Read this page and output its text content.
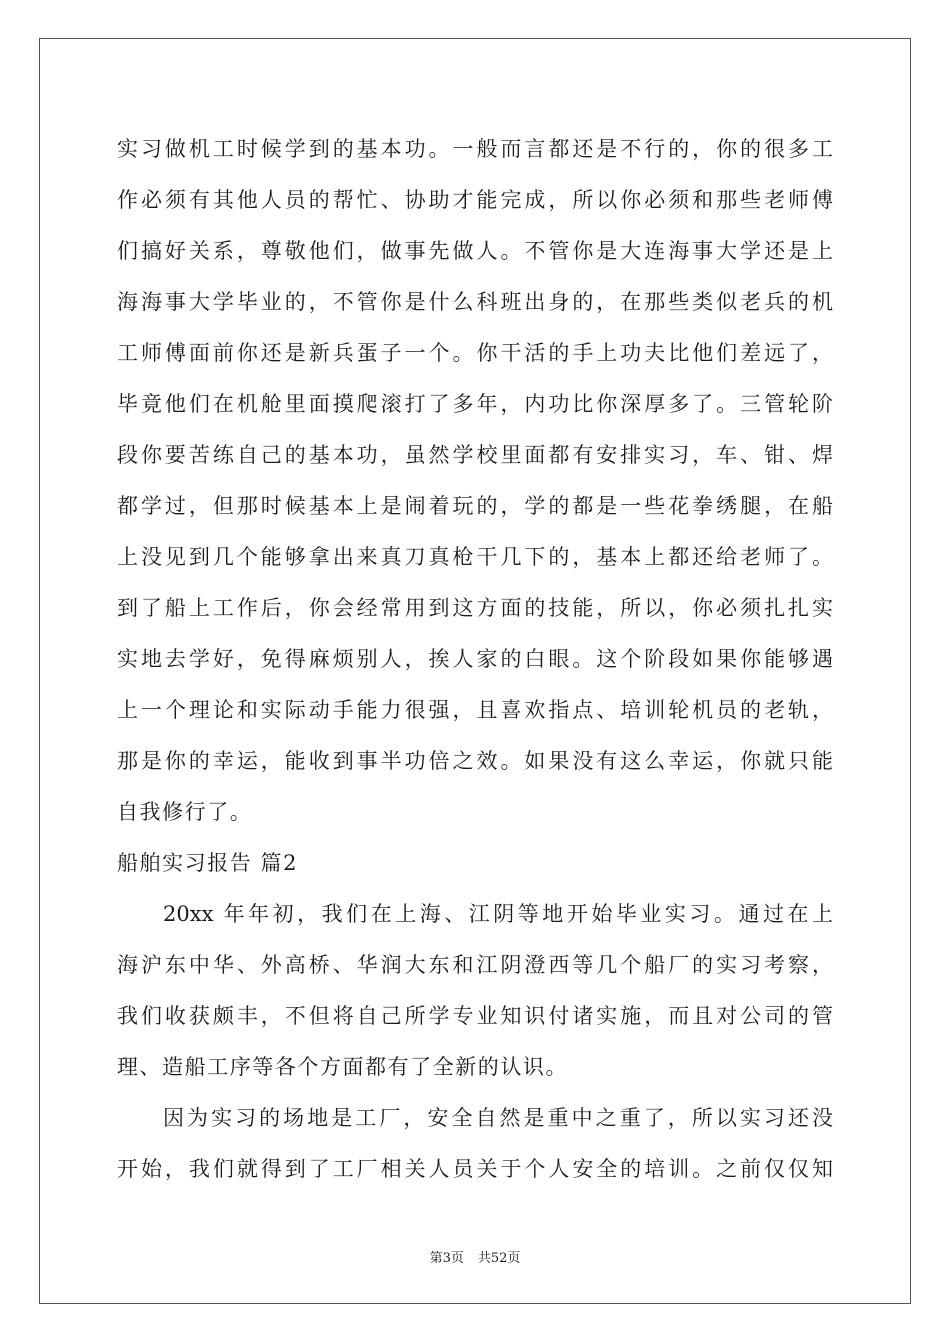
实习做机工时候学到的基本功。一般而言都还是不行的，你的很多工
作必须有其他人员的帮忙、协助才能完成，所以你必须和那些老师傅
们搞好关系，尊敬他们，做事先做人。不管你是大连海事大学还是上
海海事大学毕业的，不管你是什么科班出身的，在那些类似老兵的机
工师傅面前你还是新兵蛋子一个。你干活的手上功夫比他们差远了，
毕竟他们在机舱里面摸爬滚打了多年，内功比你深厚多了。三管轮阶
段你要苦练自己的基本功，虽然学校里面都有安排实习，车、钳、焊
都学过，但那时候基本上是闹着玩的，学的都是一些花拳绣腿，在船
上没见到几个能够拿出来真刀真枪干几下的，基本上都还给老师了。
到了船上工作后，你会经常用到这方面的技能，所以，你必须扎扎实
实地去学好，免得麻烦别人，挨人家的白眼。这个阶段如果你能够遇
上一个理论和实际动手能力很强，且喜欢指点、培训轮机员的老轨，
那是你的幸运，能收到事半功倍之效。如果没有这么幸运，你就只能
自我修行了。
船舶实习报告 篇2
20xx 年年初，我们在上海、江阴等地开始毕业实习。通过在上
海沪东中华、外高桥、华润大东和江阴澄西等几个船厂的实习考察，
我们收获颇丰，不但将自己所学专业知识付诸实施，而且对公司的管
理、造船工序等各个方面都有了全新的认识。
因为实习的场地是工厂，安全自然是重中之重了，所以实习还没
开始，我们就得到了工厂相关人员关于个人安全的培训。之前仅仅知
第3页 共52页
